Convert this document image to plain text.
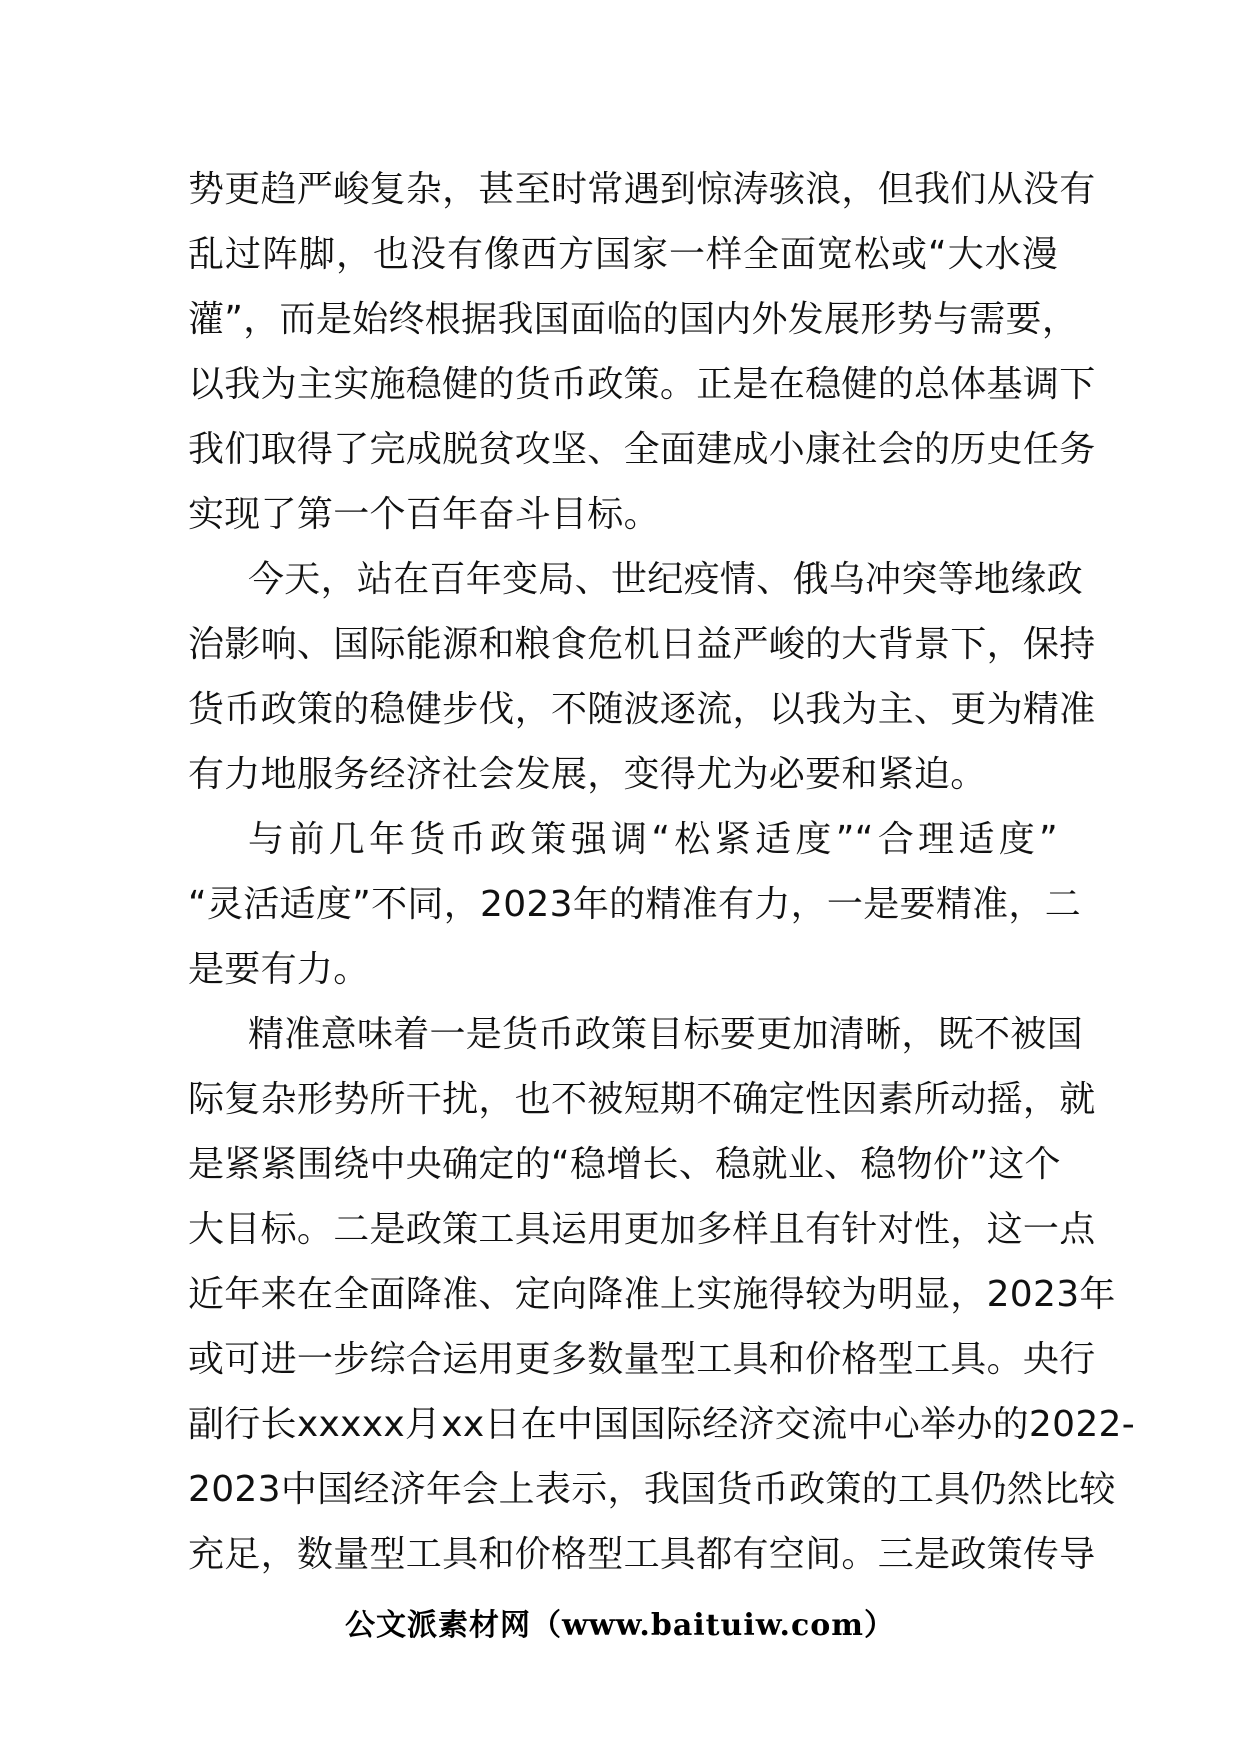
势更趋严峻复杂，甚至时常遇到惊涛骇浪，但我们从没有
乱过阵脚，也没有像西方国家一样全面宽松或“大水漫
灌”，而是始终根据我国面临的国内外发展形势与需要，
以我为主实施稳健的货币政策。正是在稳健的总体基调下
我们取得了完成脱贫攻坚、全面建成小康社会的历史任务
实现了第一个百年奋斗目标。

今天，站在百年变局、世纪疫情、俄乌冲突等地缘政
治影响、国际能源和粮食危机日益严峻的大背景下，保持
货币政策的稳健步伐，不随波逐流，以我为主、更为精准
有力地服务经济社会发展，变得尤为必要和紧迫。

与前几年货币政策强调“松紧适度”“合理适度”
“灵活适度”不同，2023年的精准有力，一是要精准，二
是要有力。

精准意味着一是货币政策目标要更加清晰，既不被国
际复杂形势所干扰，也不被短期不确定性因素所动摇，就
是紧紧围绕中央确定的“稳增长、稳就业、稳物价”这个
大目标。二是政策工具运用更加多样且有针对性，这一点
近年来在全面降准、定向降准上实施得较为明显，2023年
或可进一步综合运用更多数量型工具和价格型工具。央行
副行长xxxxx月xx日在中国国际经济交流中心举办的2022-
2023中国经济年会上表示，我国货币政策的工具仍然比较
充足，数量型工具和价格型工具都有空间。三是政策传导

公文派素材网（www.baituiw.com）
